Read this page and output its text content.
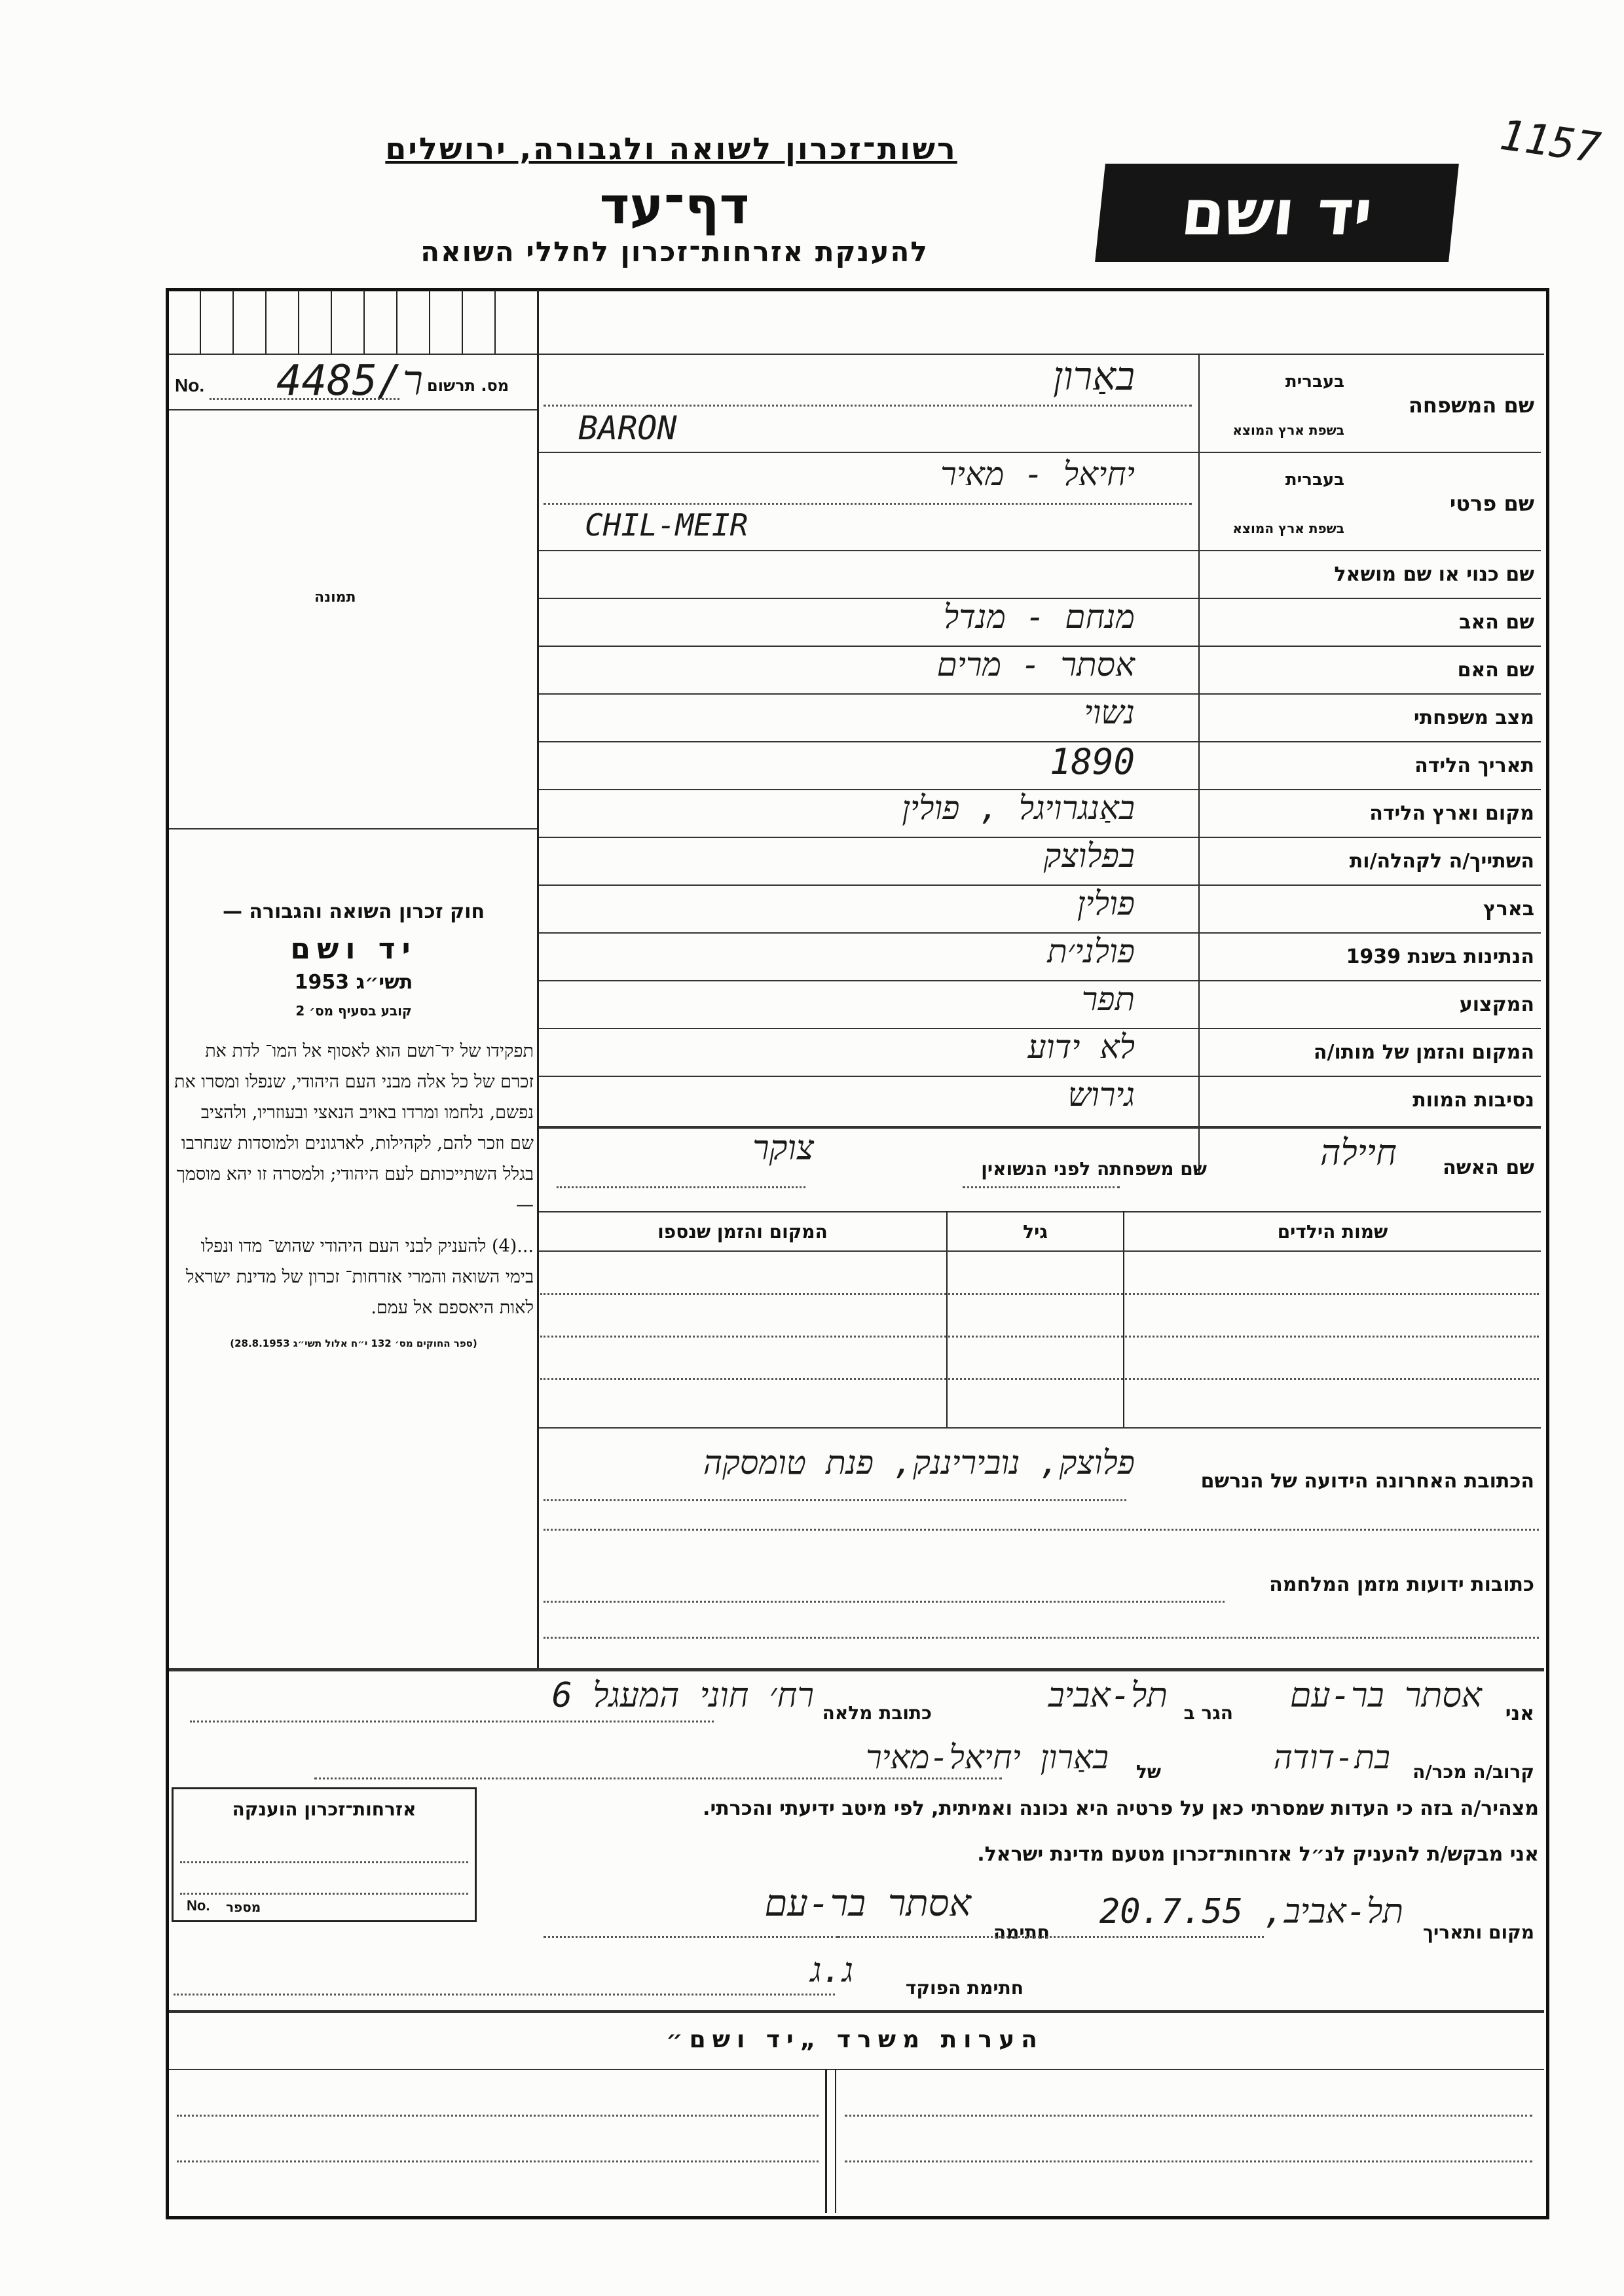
1157
רשות־זכרון לשואה ולגבורה, ירושלים
דף־עד
להענקת אזרחות־זכרון לחללי השואה
יד ושם
No. 4485/ר מס. תרשום
תמונה
חוק זכרון השואה והגבורה —
יד ושם
תשי״ג 1953
קובע בסעיף מס׳ 2
תפקידו של יד־ושם הוא לאסוף אל המו־ לדת את זכרם של כל אלה מבני העם היהודי, שנפלו ומסרו את נפשם, נלחמו ומרדו באויב הנאצי ובעוזריו, ולהציב שם וזכר להם, לקהילות, לארגונים ולמוסדות שנחרבו בגלל השתייכותם לעם היהודי; ולמסרה זו יהא מוסמך —
...(4) להעניק לבני העם היהודי שהוש־ מדו ונפלו בימי השואה והמרי אזרחות־ זכרון של מדינת ישראל לאות היאספם אל עמם.
(ספר החוקים מס׳ 132 י״ח אלול תשי״ג 28.8.1953)
שם המשפחה
בעברית
בשפת ארץ המוצא
באַרון
BARON
שם פרטי
בעברית
בשפת ארץ המוצא
יחיאל - מאיר
CHIL-MEIR
שם כנוי או שם מושאל
שם האב
מנחם - מנדל
שם האם
אסתר - מרים
מצב משפחתי
נשוי
תאריך הלידה
1890
מקום וארץ הלידה
באַנגרויגל , פולין
השתייך/ה לקהלה/ות
בפלוצק
בארץ
פולין
הנתינות בשנת 1939
פולני׳ת
המקצוע
תפר
המקום והזמן של מותו/ה
לא ידוע
נסיבות המוות
גירוש
שם האשה
חיילה
שם משפחתה לפני הנשואין
צוקר
שמות הילדים
גיל
המקום והזמן שנספו
הכתובת האחרונה הידועה של הנרשם
פלוצק, נוביריננק, פנת טומסקה
כתובות ידועות מזמן המלחמה
אני
אסתר בר-עם
הגר ב
תל-אביב
כתובת מלאה
רח׳ חוני המעגל 6
קרוב/ה מכר/ה
בת-דודה
של
באַרון יחיאל-מאיר
מצהיר/ה בזה כי העדות שמסרתי כאן על פרטיה היא נכונה ואמיתית, לפי מיטב ידיעתי והכרתי.
אני מבקש/ת להעניק לנ״ל אזרחות־זכרון מטעם מדינת ישראל.
מקום ותאריך
תל-אביב, 20.7.55
חתימה
אסתר בר-עם
חתימת הפוקד
ג.ג
אזרחות־זכרון הוענקה
No. מספר
הערות משרד „יד ושם״
